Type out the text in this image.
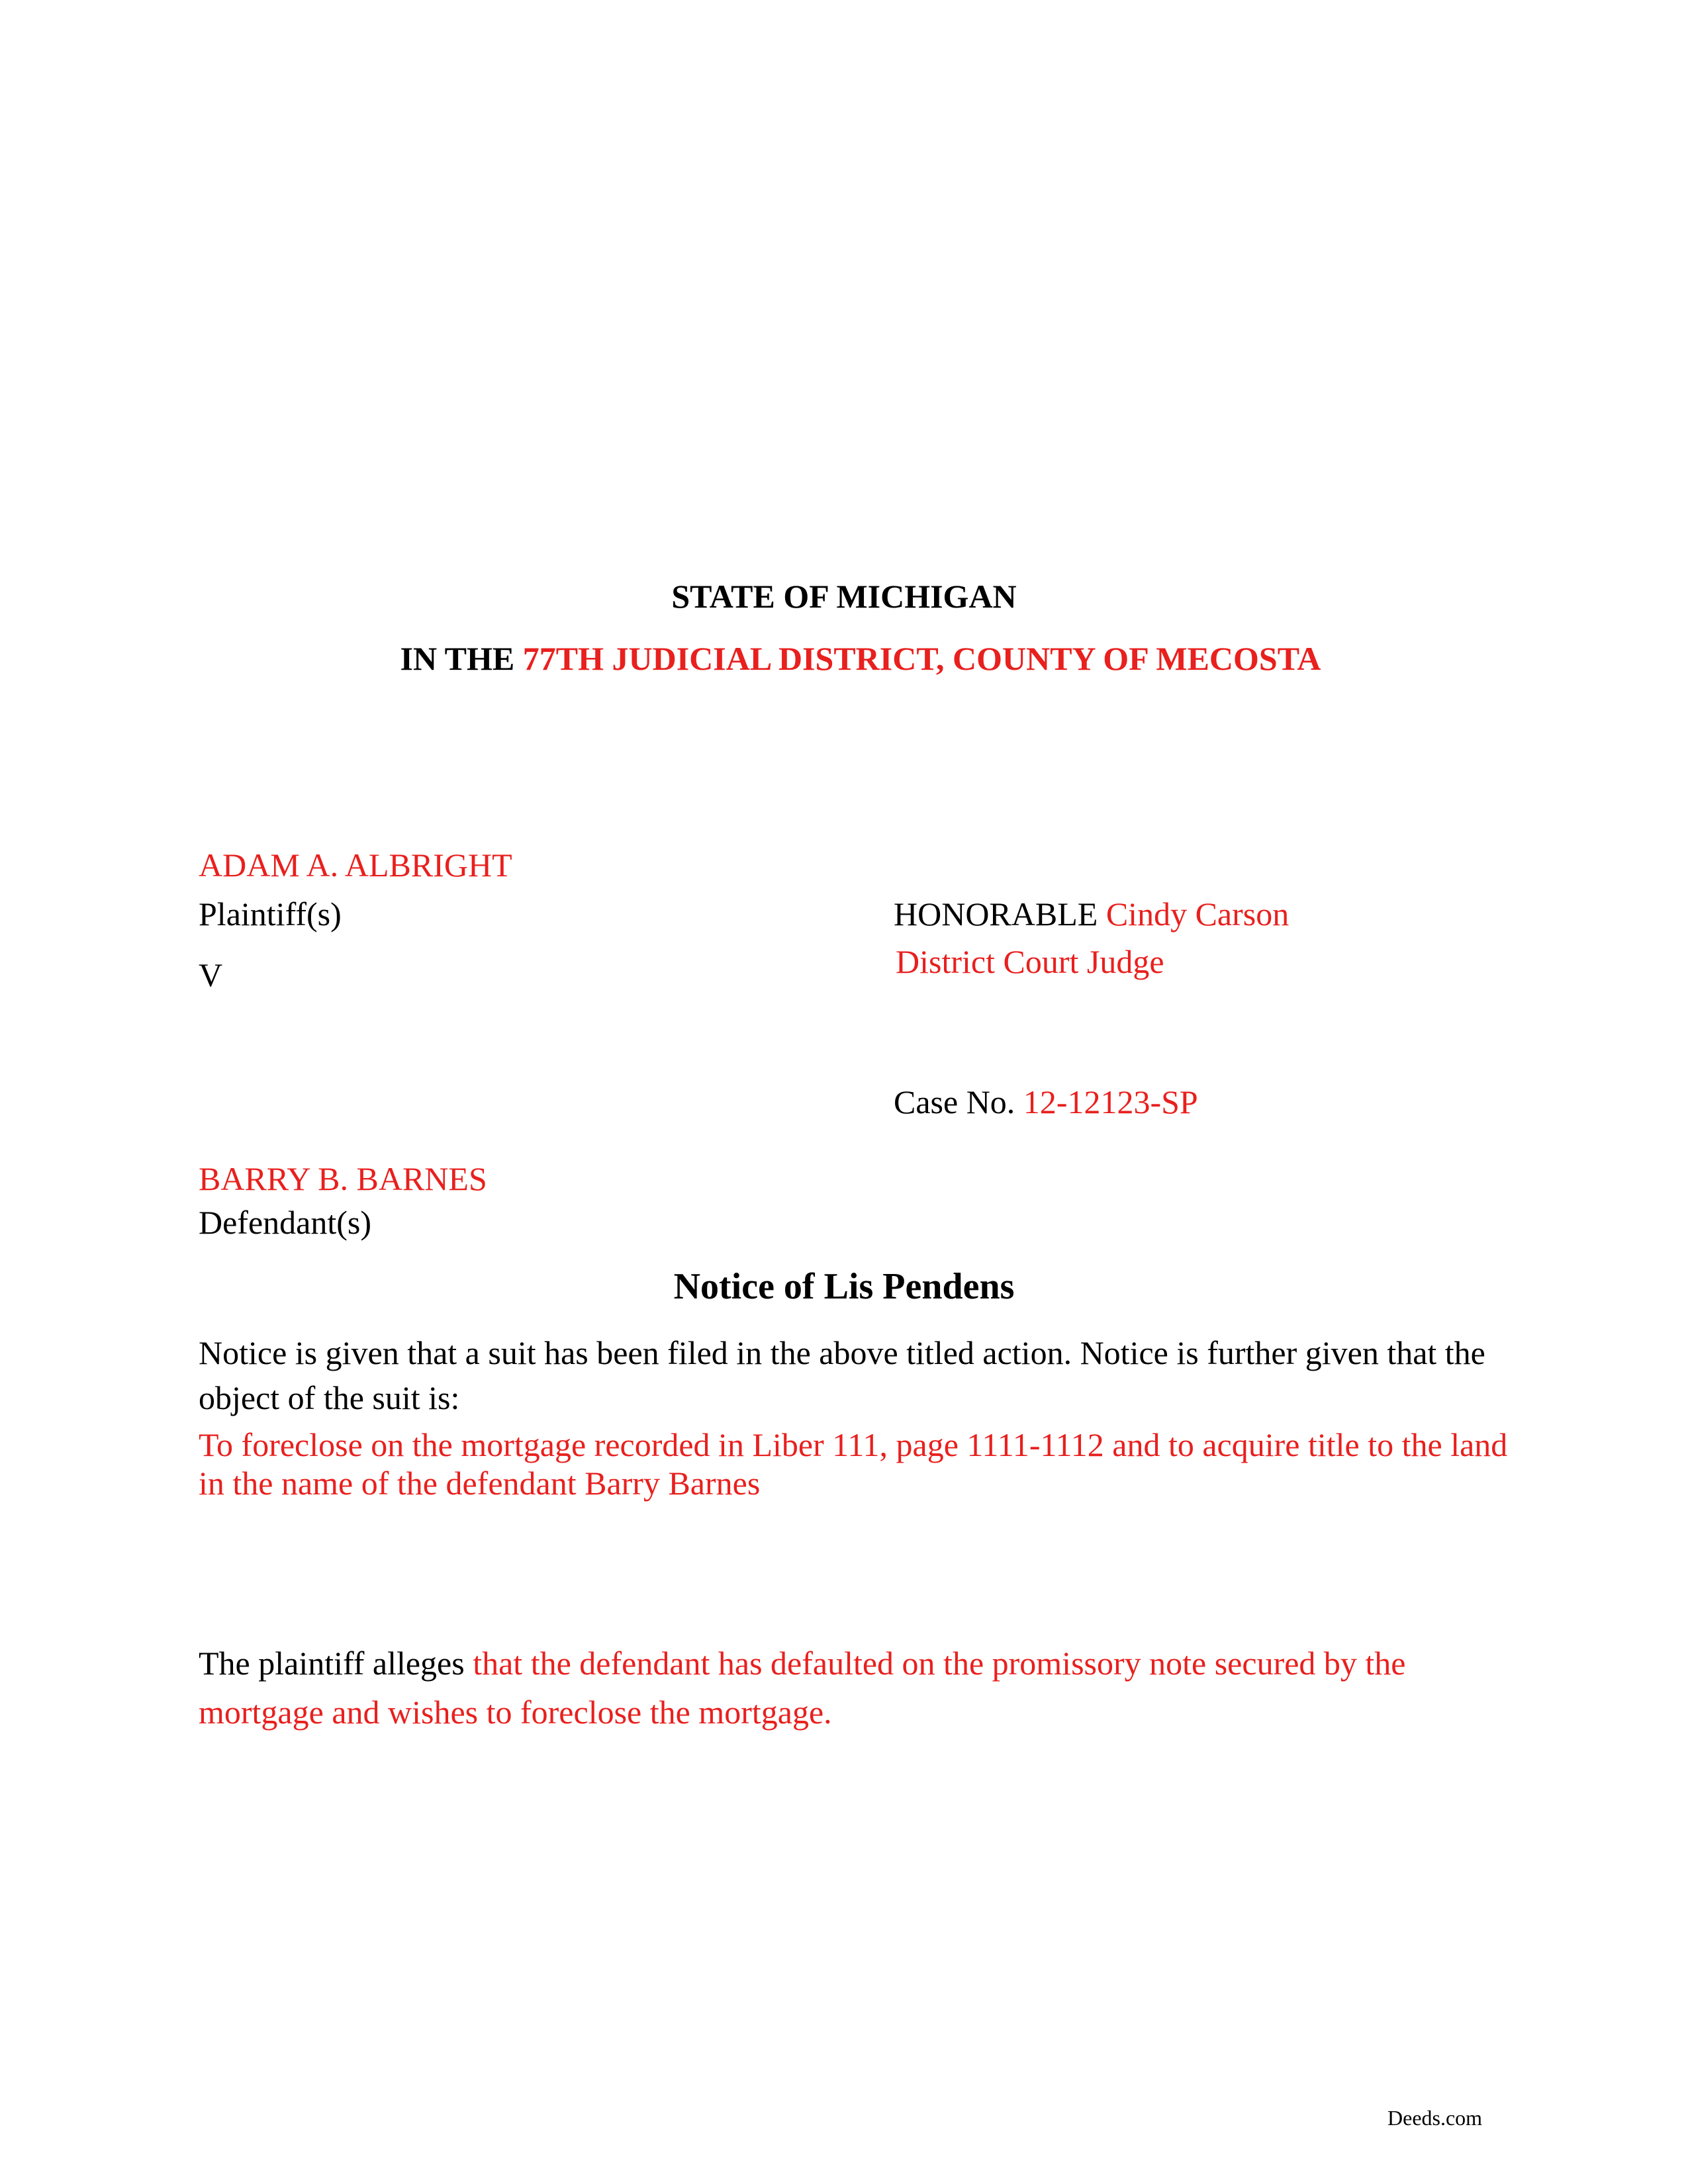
STATE OF MICHIGAN
IN THE 77TH JUDICIAL DISTRICT, COUNTY OF MECOSTA
ADAM A. ALBRIGHT
Plaintiff(s)
V
HONORABLE Cindy Carson
District Court Judge
Case No. 12-12123-SP
BARRY B. BARNES
Defendant(s)
Notice of Lis Pendens
Notice is given that a suit has been filed in the above titled action. Notice is further given that the object of the suit is:
To foreclose on the mortgage recorded in Liber 111, page 1111-1112 and to acquire title to the land in the name of the defendant Barry Barnes
The plaintiff alleges that the defendant has defaulted on the promissory note secured by the mortgage and wishes to foreclose the mortgage.
Deeds.com
